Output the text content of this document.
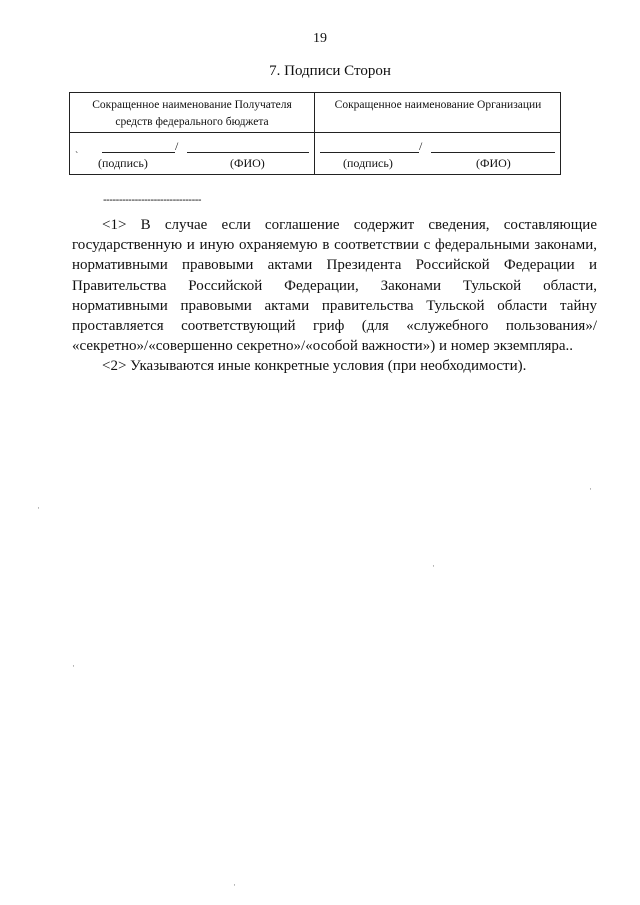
19
7. Подписи Сторон
Сокращенное наименование Получателя
средств федерального бюджета
Сокращенное наименование Организации
`
/
(подпись)	(ФИО)
/
(подпись)	(ФИО)
-------------------------------

<1> В случае если соглашение содержит сведения, составляющие государственную и иную охраняемую в соответствии с федеральными законами, нормативными правовыми актами Президента Российской Федерации и Правительства Российской Федерации, Законами Тульской области, нормативными правовыми актами правительства Тульской области тайну проставляется соответствующий гриф (для «служебного пользования»/ «секретно»/«совершенно секретно»/«особой важности») и номер экземпляра..

<2> Указываются иные конкретные условия (при необходимости).

·
·
·
·
·
